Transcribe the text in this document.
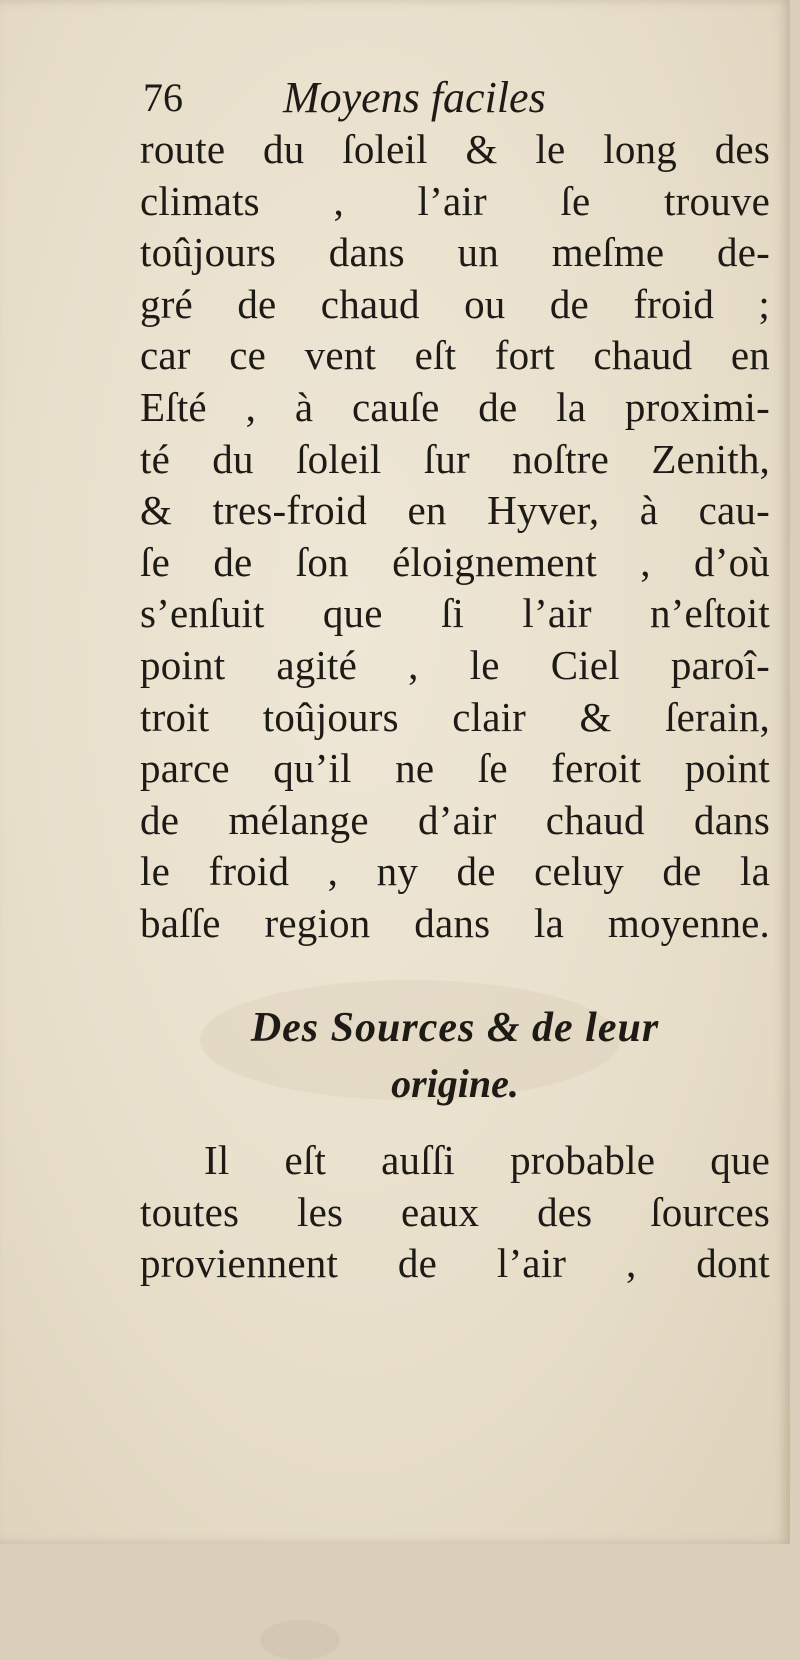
76 Moyens faciles
route du ſoleil & le long des
climats , l’air ſe trouve
toûjours dans un meſme de-
gré de chaud ou de froid ;
car ce vent eſt fort chaud en
Eſté , à cauſe de la proximi-
té du ſoleil ſur noſtre Zenith,
& tres-froid en Hyver, à cau-
ſe de ſon éloignement , d’où
s’enſuit que ſi l’air n’eſtoit
point agité , le Ciel paroî-
troit toûjours clair & ſerain,
parce qu’il ne ſe feroit point
de mélange d’air chaud dans
le froid , ny de celuy de la
baſſe region dans la moyenne.
Des Sources & de leur
origine.
Il eſt auſſi probable que
toutes les eaux des ſources
proviennent de l’air , dont
